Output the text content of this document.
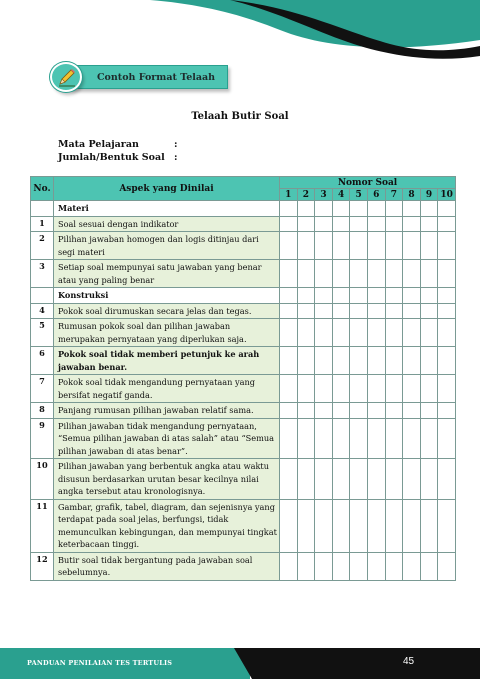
Contoh Format Telaah
Telaah Butir Soal
Mata Pelajaran	:
Jumlah/Bentuk Soal :
No.	Aspek yang Dinilai	Nomor Soal									
		1	2	3	4	5	6	7	8	9	10
	Materi										
1	Soal sesuai dengan indikator										
2	Pilihan jawaban homogen dan logis ditinjau dari segi materi										
3	Setiap soal mempunyai satu jawaban yang benar atau yang paling benar										
	Konstruksi										
4	Pokok soal dirumuskan secara jelas dan tegas.										
5	Rumusan pokok soal dan pilihan jawaban merupakan pernyataan yang diperlukan saja.										
6	Pokok soal tidak memberi petunjuk ke arah jawaban benar.										
7	Pokok soal tidak mengandung pernyataan yang bersifat negatif ganda.										
8	Panjang rumusan pilihan jawaban relatif sama.										
9	Pilihan jawaban tidak mengandung pernyataan, “Semua pilihan jawaban di atas salah” atau “Semua pilihan jawaban di atas benar”.										
10	Pilihan jawaban yang berbentuk angka atau waktu disusun berdasarkan urutan besar kecilnya nilai angka tersebut atau kronologisnya.										
11	Gambar, grafik, tabel, diagram, dan sejenisnya yang terdapat pada soal jelas, berfungsi, tidak memunculkan kebingungan, dan mempunyai tingkat keterbacaan tinggi.										
12	Butir soal tidak bergantung pada jawaban soal sebelumnya.										
PANDUAN PENILAIAN TES TERTULIS	45
